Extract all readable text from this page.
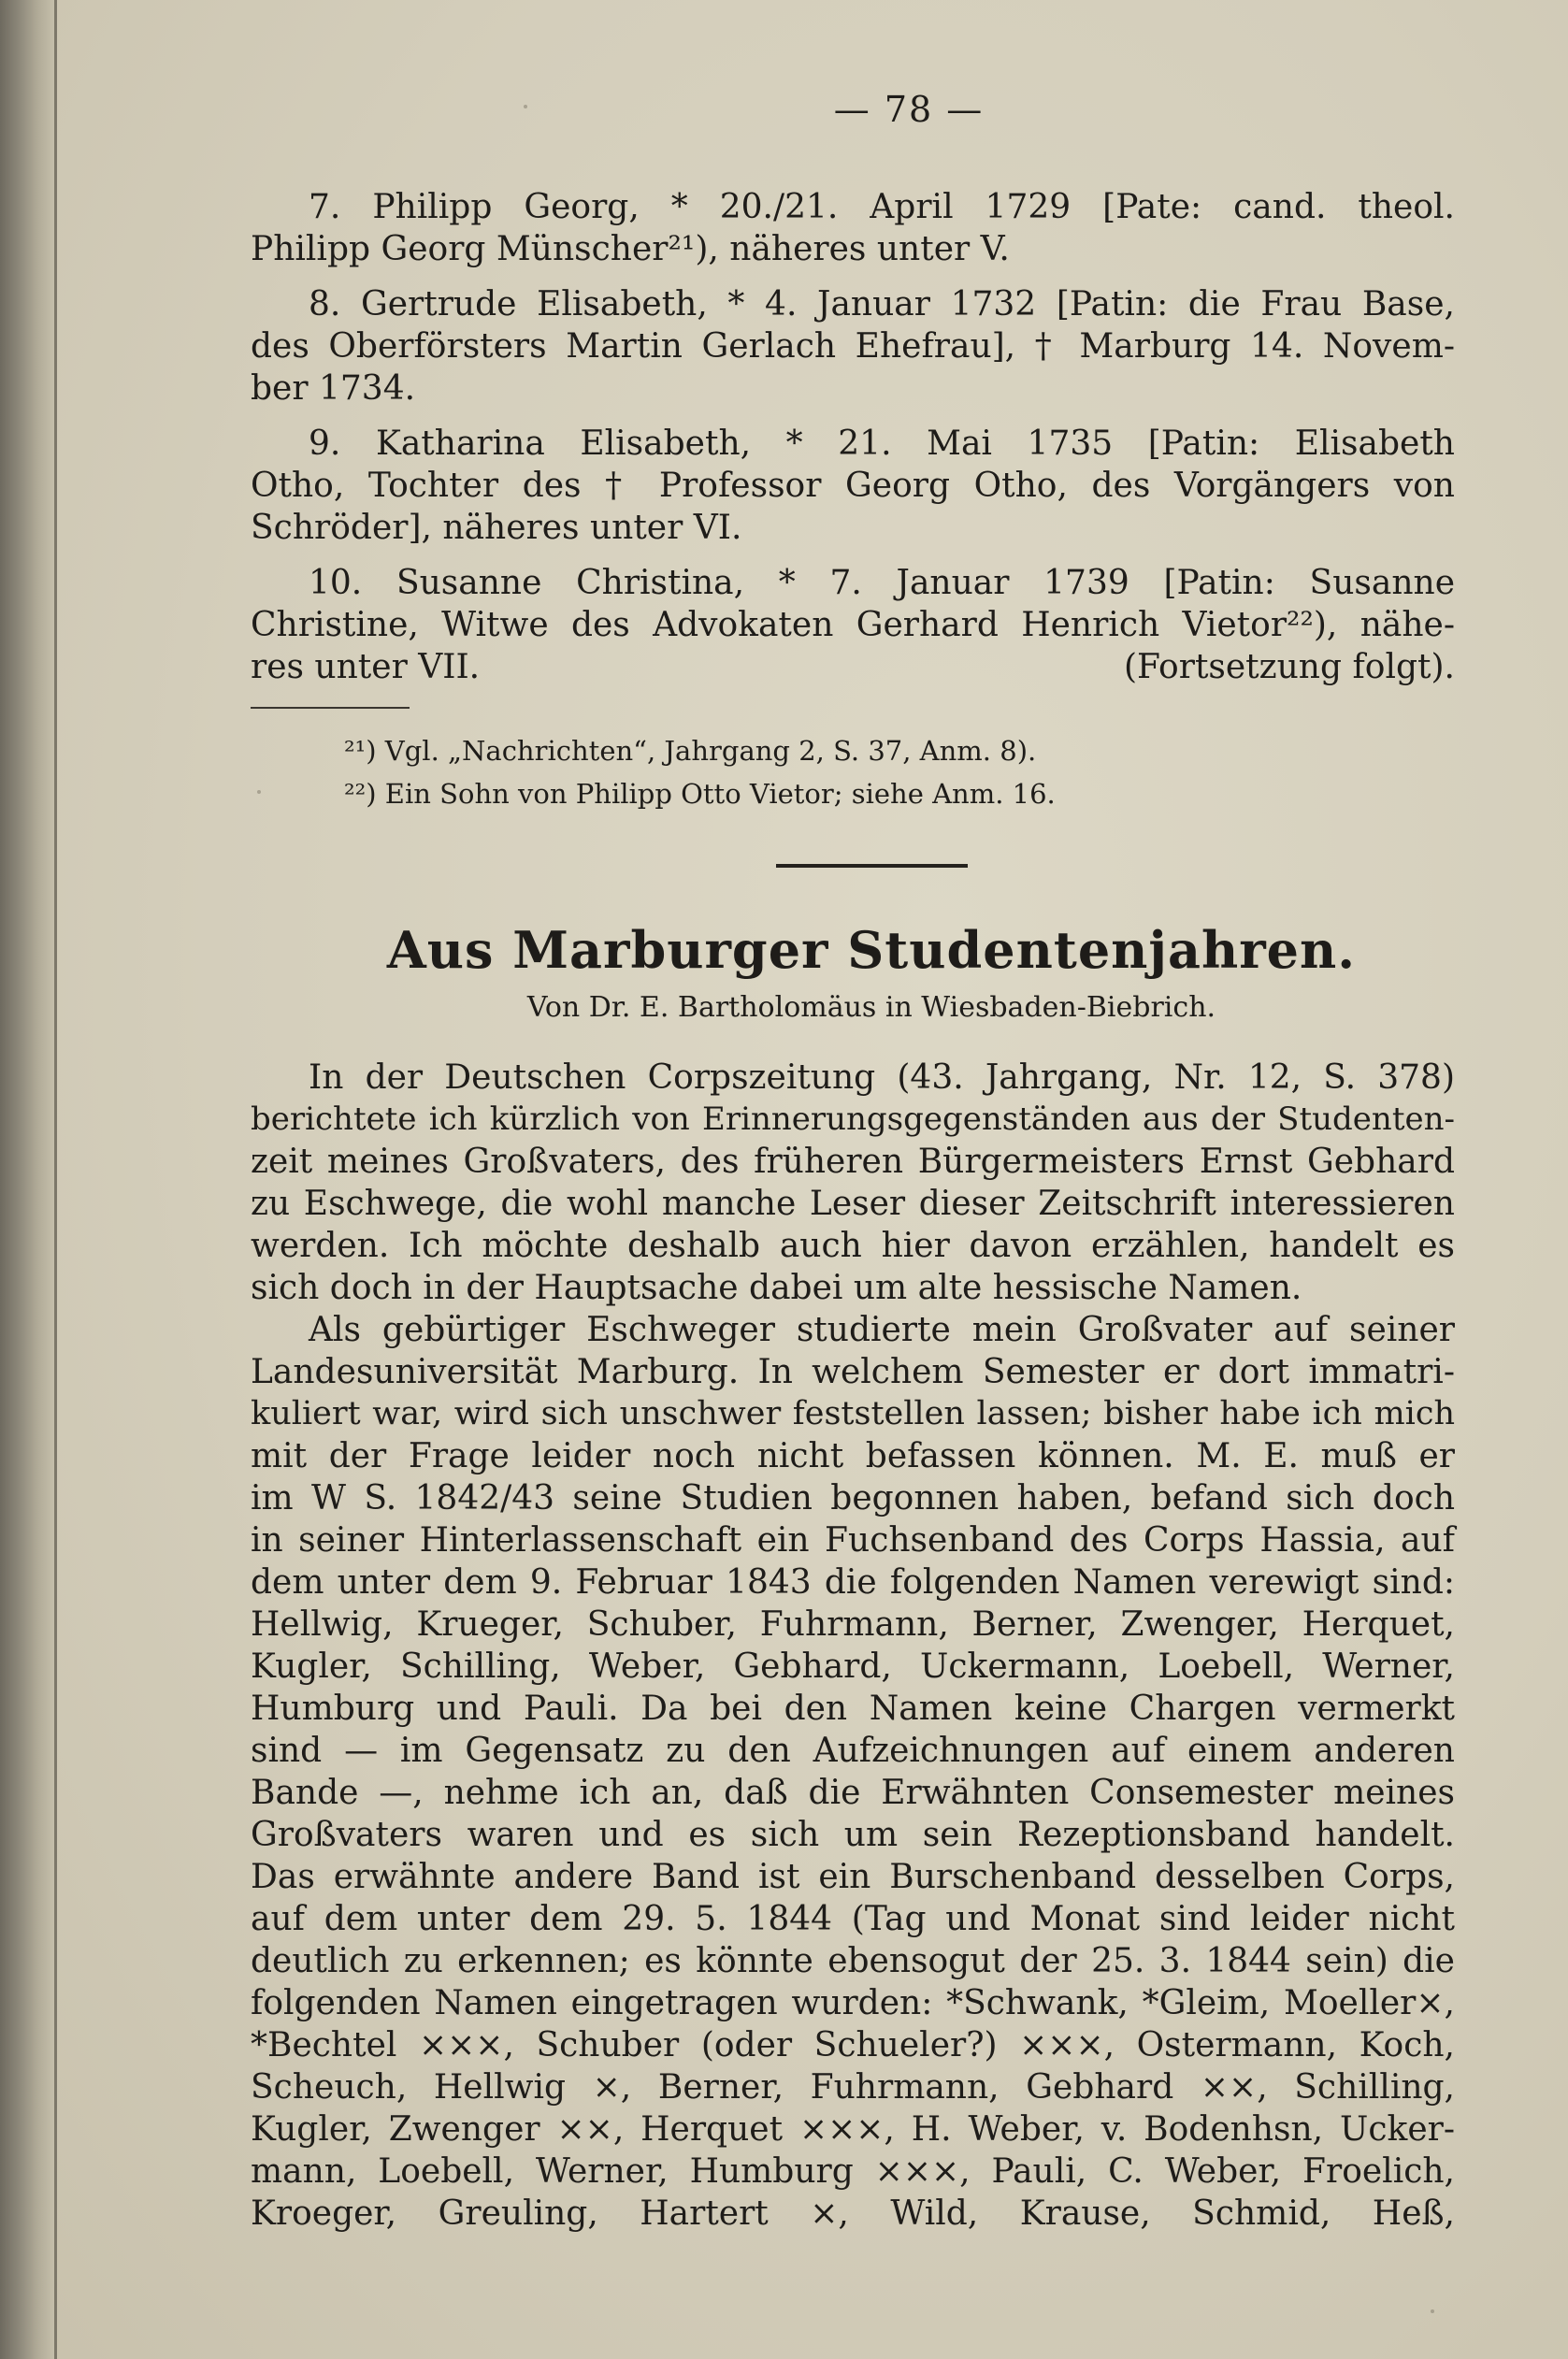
— 78 —
7. Philipp Georg, * 20./21. April 1729 [Pate: cand. theol.
Philipp Georg Münscher²¹), näheres unter V.
8. Gertrude Elisabeth, * 4. Januar 1732 [Patin: die Frau Base,
des Oberförsters Martin Gerlach Ehefrau], † Marburg 14. Novem-
ber 1734.
9. Katharina Elisabeth, * 21. Mai 1735 [Patin: Elisabeth
Otho, Tochter des † Professor Georg Otho, des Vorgängers von
Schröder], näheres unter VI.
10. Susanne Christina, * 7. Januar 1739 [Patin: Susanne
Christine, Witwe des Advokaten Gerhard Henrich Vietor²²), nähe-
res unter VII.	(Fortsetzung folgt).
²¹) Vgl. „Nachrichten“, Jahrgang 2, S. 37, Anm. 8).
²²) Ein Sohn von Philipp Otto Vietor; siehe Anm. 16.
Aus Marburger Studentenjahren.
Von Dr. E. Bartholomäus in Wiesbaden-Biebrich.
In der Deutschen Corpszeitung (43. Jahrgang, Nr. 12, S. 378)
berichtete ich kürzlich von Erinnerungsgegenständen aus der Studenten-
zeit meines Großvaters, des früheren Bürgermeisters Ernst Gebhard
zu Eschwege, die wohl manche Leser dieser Zeitschrift interessieren
werden. Ich möchte deshalb auch hier davon erzählen, handelt es
sich doch in der Hauptsache dabei um alte hessische Namen.
Als gebürtiger Eschweger studierte mein Großvater auf seiner
Landesuniversität Marburg. In welchem Semester er dort immatri-
kuliert war, wird sich unschwer feststellen lassen; bisher habe ich mich
mit der Frage leider noch nicht befassen können. M. E. muß er
im W S. 1842/43 seine Studien begonnen haben, befand sich doch
in seiner Hinterlassenschaft ein Fuchsenband des Corps Hassia, auf
dem unter dem 9. Februar 1843 die folgenden Namen verewigt sind:
Hellwig, Krueger, Schuber, Fuhrmann, Berner, Zwenger, Herquet,
Kugler, Schilling, Weber, Gebhard, Uckermann, Loebell, Werner,
Humburg und Pauli. Da bei den Namen keine Chargen vermerkt
sind — im Gegensatz zu den Aufzeichnungen auf einem anderen
Bande —, nehme ich an, daß die Erwähnten Consemester meines
Großvaters waren und es sich um sein Rezeptionsband handelt.
Das erwähnte andere Band ist ein Burschenband desselben Corps,
auf dem unter dem 29. 5. 1844 (Tag und Monat sind leider nicht
deutlich zu erkennen; es könnte ebensogut der 25. 3. 1844 sein) die
folgenden Namen eingetragen wurden: *Schwank, *Gleim, Moeller×,
*Bechtel ×××, Schuber (oder Schueler?) ×××, Ostermann, Koch,
Scheuch, Hellwig ×, Berner, Fuhrmann, Gebhard ××, Schilling,
Kugler, Zwenger ××, Herquet ×××, H. Weber, v. Bodenhsn, Ucker-
mann, Loebell, Werner, Humburg ×××, Pauli, C. Weber, Froelich,
Kroeger, Greuling, Hartert ×, Wild, Krause, Schmid, Heß,
